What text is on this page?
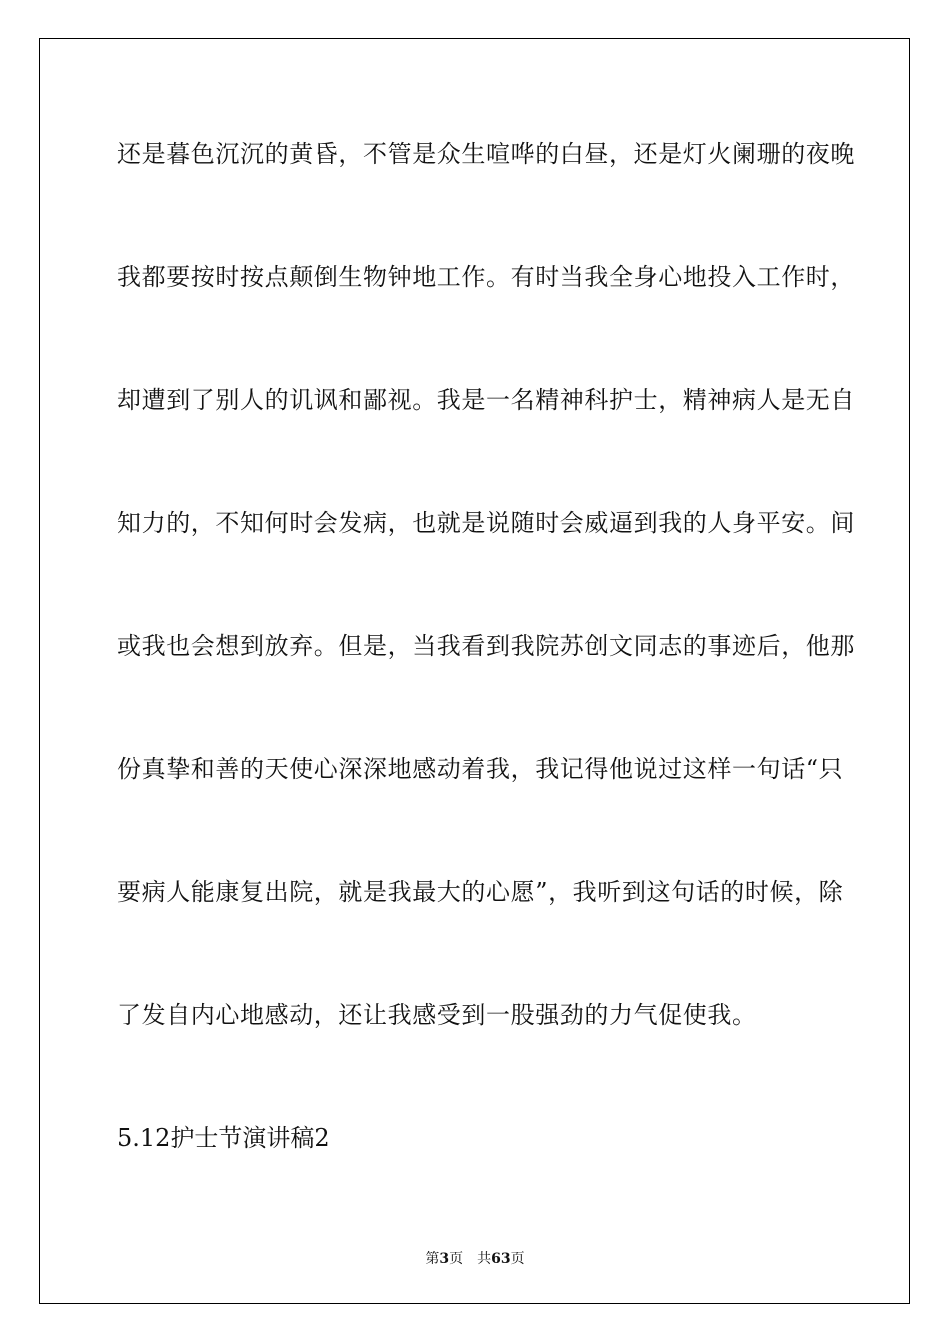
还是暮色沉沉的黄昏，不管是众生喧哗的白昼，还是灯火阑珊的夜晚
我都要按时按点颠倒生物钟地工作。有时当我全身心地投入工作时，
却遭到了别人的讥讽和鄙视。我是一名精神科护士，精神病人是无自
知力的，不知何时会发病，也就是说随时会威逼到我的人身平安。间
或我也会想到放弃。但是，当我看到我院苏创文同志的事迹后，他那
份真挚和善的天使心深深地感动着我，我记得他说过这样一句话“只
要病人能康复出院，就是我最大的心愿”，我听到这句话的时候，除
了发自内心地感动，还让我感受到一股强劲的力气促使我。
5.12护士节演讲稿2
第3页 共63页
